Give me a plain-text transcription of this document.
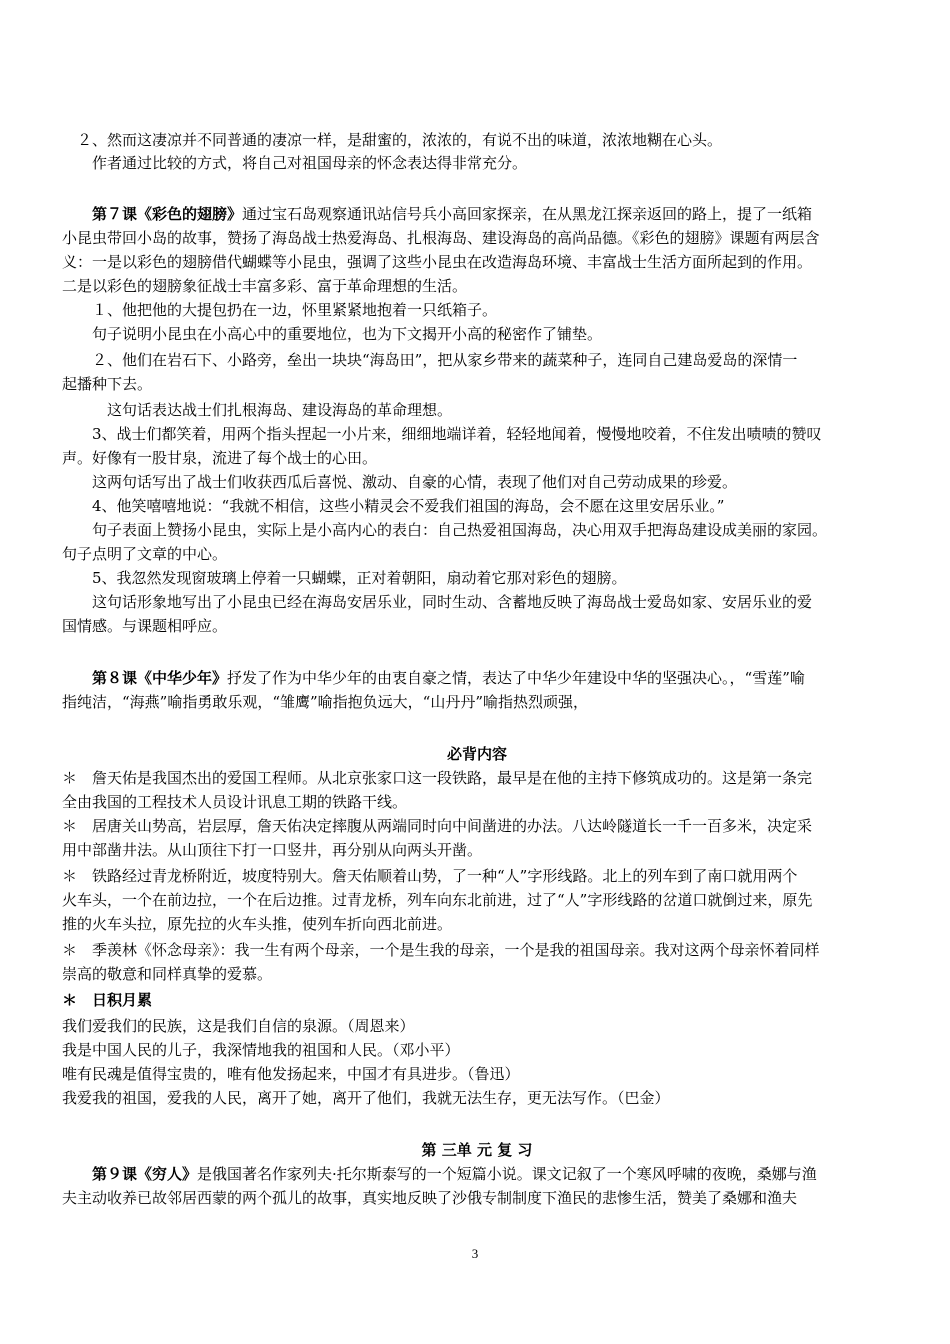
　２、然而这凄凉并不同普通的凄凉一样，是甜蜜的，浓浓的，有说不出的味道，浓浓地糊在心头。
　　作者通过比较的方式，将自己对祖国母亲的怀念表达得非常充分。
　　第７课《彩色的翅膀》通过宝石岛观察通讯站信号兵小高回家探亲，在从黑龙江探亲返回的路上，提了一纸箱
小昆虫带回小岛的故事，赞扬了海岛战士热爱海岛、扎根海岛、建设海岛的高尚品德。《彩色的翅膀》课题有两层含
义：一是以彩色的翅膀借代蝴蝶等小昆虫，强调了这些小昆虫在改造海岛环境、丰富战士生活方面所起到的作用。
二是以彩色的翅膀象征战士丰富多彩、富于革命理想的生活。
　　１、他把他的大提包扔在一边，怀里紧紧地抱着一只纸箱子。
　　句子说明小昆虫在小高心中的重要地位，也为下文揭开小高的秘密作了铺垫。
　　２、他们在岩石下、小路旁，垒出一块块“海岛田”，把从家乡带来的蔬菜种子，连同自己建岛爱岛的深情一
起播种下去。
　　　这句话表达战士们扎根海岛、建设海岛的革命理想。
　　3、战士们都笑着，用两个指头捏起一小片来，细细地端详着，轻轻地闻着，慢慢地咬着，不住发出啧啧的赞叹
声。好像有一股甘泉，流进了每个战士的心田。
　　这两句话写出了战士们收获西瓜后喜悦、激动、自豪的心情，表现了他们对自己劳动成果的珍爱。
　　4、他笑嘻嘻地说：“我就不相信，这些小精灵会不爱我们祖国的海岛，会不愿在这里安居乐业。”
　　句子表面上赞扬小昆虫，实际上是小高内心的表白：自己热爱祖国海岛，决心用双手把海岛建设成美丽的家园。
句子点明了文章的中心。
　　5、我忽然发现窗玻璃上停着一只蝴蝶，正对着朝阳，扇动着它那对彩色的翅膀。
　　这句话形象地写出了小昆虫已经在海岛安居乐业，同时生动、含蓄地反映了海岛战士爱岛如家、安居乐业的爱
国情感。与课题相呼应。
　　第８课《中华少年》抒发了作为中华少年的由衷自豪之情，表达了中华少年建设中华的坚强决心。，“雪莲”喻
指纯洁，“海燕”喻指勇敢乐观，“雏鹰”喻指抱负远大，“山丹丹”喻指热烈顽强，
必背内容
＊　詹天佑是我国杰出的爱国工程师。从北京张家口这一段铁路，最早是在他的主持下修筑成功的。这是第一条完
全由我国的工程技术人员设计讯息工期的铁路干线。
＊　居唐关山势高，岩层厚，詹天佑决定摔腹从两端同时向中间凿进的办法。八达岭隧道长一千一百多米，决定采
用中部凿井法。从山顶往下打一口竖井，再分别从向两头开凿。
＊　铁路经过青龙桥附近，坡度特别大。詹天佑顺着山势，了一种“人”字形线路。北上的列车到了南口就用两个
火车头，一个在前边拉，一个在后边推。过青龙桥，列车向东北前进，过了“人”字形线路的岔道口就倒过来，原先
推的火车头拉，原先拉的火车头推，使列车折向西北前进。
＊　季羡林《怀念母亲》：我一生有两个母亲，一个是生我的母亲，一个是我的祖国母亲。我对这两个母亲怀着同样
崇高的敬意和同样真挚的爱慕。
＊　日积月累
我们爱我们的民族，这是我们自信的泉源。（周恩来）
我是中国人民的儿子，我深情地我的祖国和人民。（邓小平）
唯有民魂是值得宝贵的，唯有他发扬起来，中国才有具进步。（鲁迅）
我爱我的祖国，爱我的人民，离开了她，离开了他们，我就无法生存，更无法写作。（巴金）
第 三单 元 复 习
　　第９课《穷人》是俄国著名作家列夫·托尔斯泰写的一个短篇小说。课文记叙了一个寒风呼啸的夜晚，桑娜与渔
夫主动收养已故邻居西蒙的两个孤儿的故事，真实地反映了沙俄专制制度下渔民的悲惨生活，赞美了桑娜和渔夫
3
